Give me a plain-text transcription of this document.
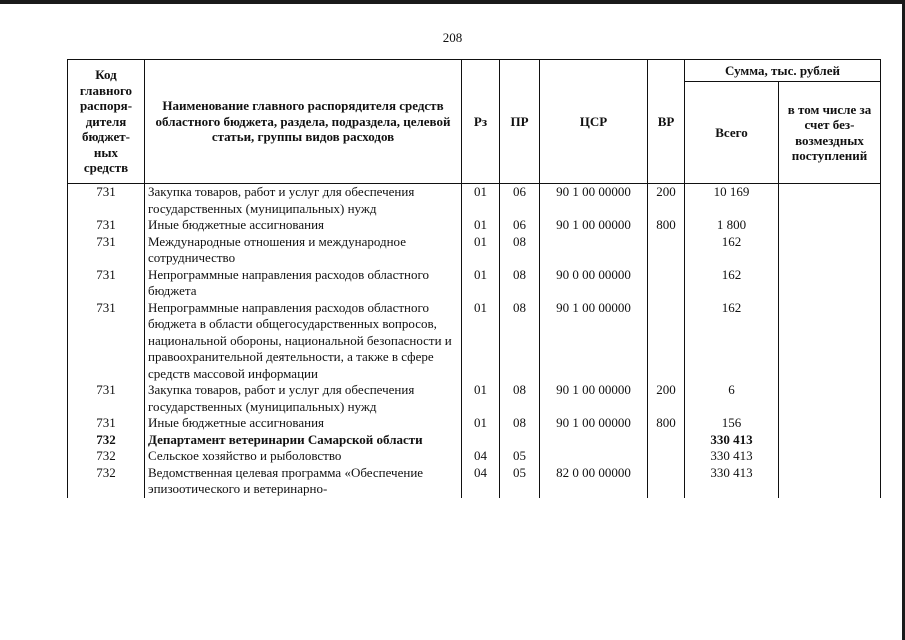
208
Код главного распоря-дителя бюджет-ных средств	Наименование главного распорядителя средств областного бюджета, раздела, подраздела, целевой статьи, группы видов расходов	Рз	ПР	ЦСР	ВР	Сумма, тыс. рублей	
						Всего	в том числе за счет без-возмездных поступлений
731	Закупка товаров, работ и услуг для обеспечения государственных (муниципальных) нужд	01	06	90 1 00 00000	200	10 169	
731	Иные бюджетные ассигнования	01	06	90 1 00 00000	800	1 800	
731	Международные отношения и международное сотрудничество	01	08			162	
731	Непрограммные направления расходов областного бюджета	01	08	90 0 00 00000		162	
731	Непрограммные направления расходов областного бюджета в области общегосударственных вопросов, национальной обороны, национальной безопасности и правоохранительной деятельности, а также в сфере средств массовой информации	01	08	90 1 00 00000		162	
731	Закупка товаров, работ и услуг для обеспечения государственных (муниципальных) нужд	01	08	90 1 00 00000	200	6	
731	Иные бюджетные ассигнования	01	08	90 1 00 00000	800	156	
732	Департамент ветеринарии Самарской области					330 413	
732	Сельское хозяйство и рыболовство	04	05			330 413	
732	Ведомственная целевая программа «Обеспечение эпизоотического и ветеринарно-	04	05	82 0 00 00000		330 413	
